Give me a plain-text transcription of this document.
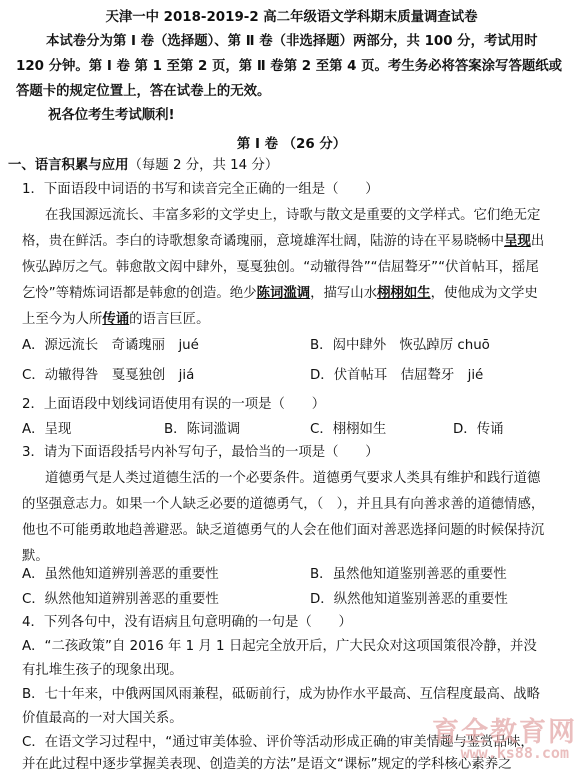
天津一中 2018-2019-2 高二年级语文学科期末质量调查试卷
本试卷分为第 Ⅰ 卷（选择题）、第 Ⅱ 卷（非选择题）两部分，共 100 分，考试用时
120 分钟。第 Ⅰ 卷 第 1 至第 2 页，第 Ⅱ 卷第 2 至第 4 页。考生务必将答案涂写答题纸或
答题卡的规定位置上，答在试卷上的无效。
祝各位考生考试顺利!
第 Ⅰ 卷 （26 分）
一、语言积累与应用（每题 2 分，共 14 分）
1．下面语段中词语的书写和读音完全正确的一组是（　　）
在我国源远流长、丰富多彩的文学史上，诗歌与散文是重要的文学样式。它们绝无定
格，贵在鲜活。李白的诗歌想象奇谲瑰丽，意境雄浑壮阔，陆游的诗在平易晓畅中呈现出
恢弘踔厉之气。韩愈散文闳中肆外，戛戛独创。“动辙得咎”“佶屈聱牙”“伏首帖耳，摇尾
乞怜”等精炼词语都是韩愈的创造。绝少陈词滥调，描写山水栩栩如生，使他成为文学史
上至今为人所传诵的语言巨匠。
A．源远流长　奇谲瑰丽　jué	B．闳中肆外　恢弘踔厉 chuō
C．动辙得咎　戛戛独创　jiá	D．伏首帖耳　佶屈聱牙　jié
2．上面语段中划线词语使用有误的一项是（　　）
A．呈现	B．陈词滥调	C．栩栩如生	D．传诵
3．请为下面语段括号内补写句子，最恰当的一项是（　　）
道德勇气是人类过道德生活的一个必要条件。道德勇气要求人类具有维护和践行道德
的坚强意志力。如果一个人缺乏必要的道德勇气，（　），并且具有向善求善的道德情感，
他也不可能勇敢地趋善避恶。缺乏道德勇气的人会在他们面对善恶选择问题的时候保持沉
默。
A．虽然他知道辨别善恶的重要性	B．虽然他知道鉴别善恶的重要性
C．纵然他知道辨别善恶的重要性	D．纵然他知道鉴别善恶的重要性
4．下列各句中，没有语病且句意明确的一句是（　　）
A．“二孩政策”自 2016 年 1 月 1 日起完全放开后，广大民众对这项国策很冷静，并没
有扎堆生孩子的现象出现。
B．七十年来，中俄两国风雨兼程，砥砺前行，成为协作水平最高、互信程度最高、战略
价值最高的一对大国关系。
C．在语文学习过程中，“通过审美体验、评价等活动形成正确的审美情趣与鉴赏品味，
并在此过程中逐步掌握美表现、创造美的方法”是语文“课标”规定的学科核心素养之
育全教育网
www.ks88.com
